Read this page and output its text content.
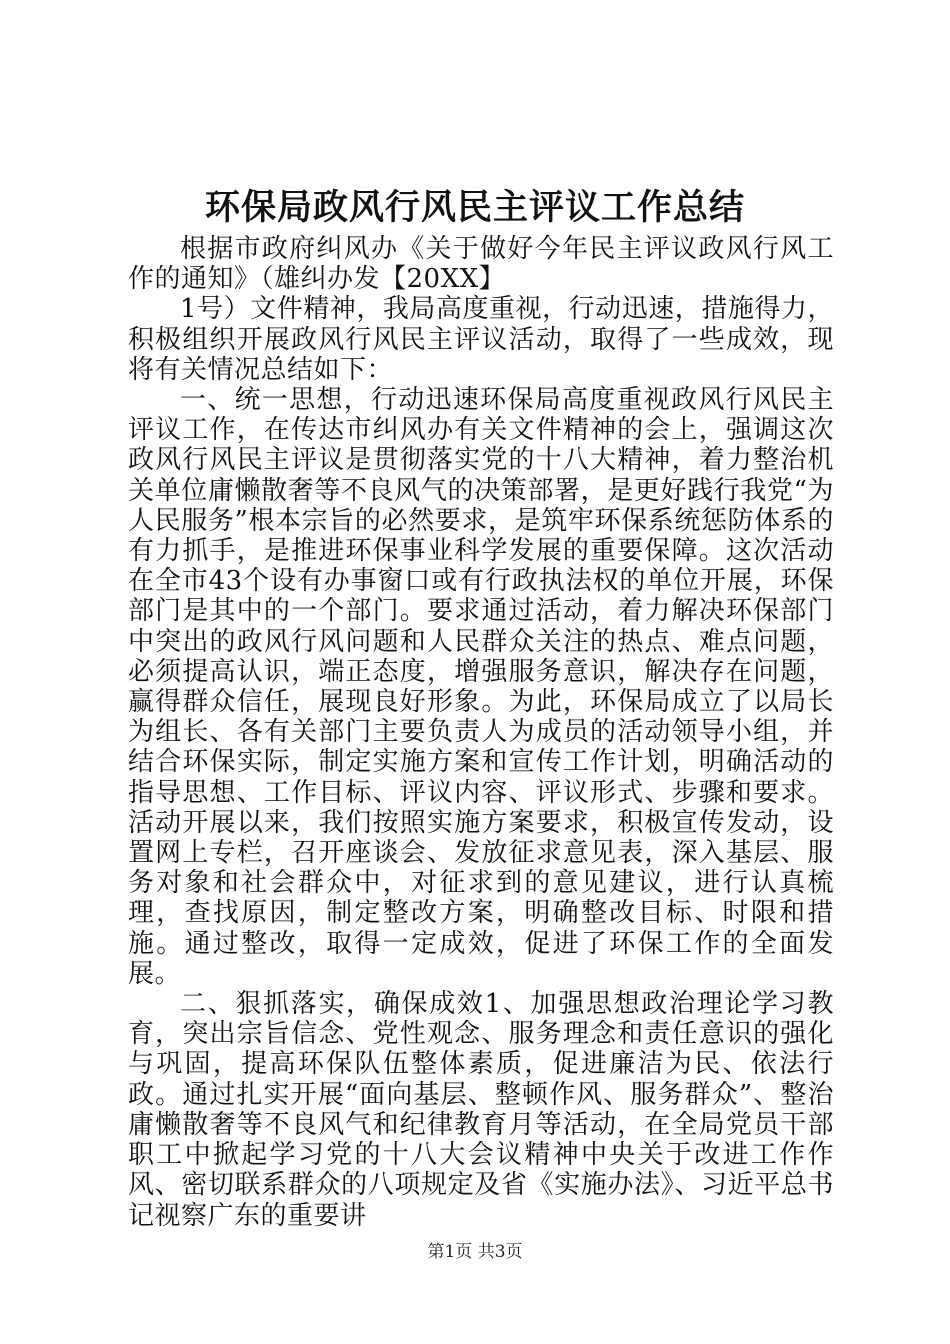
环保局政风行风民主评议工作总结

根据市政府纠风办《关于做好今年民主评议政风行风工作的通知》（雄纠办发【20XX】

1号）文件精神，我局高度重视，行动迅速，措施得力，积极组织开展政风行风民主评议活动，取得了一些成效，现将有关情况总结如下：

一、统一思想，行动迅速环保局高度重视政风行风民主评议工作，在传达市纠风办有关文件精神的会上，强调这次政风行风民主评议是贯彻落实党的十八大精神，着力整治机关单位庸懒散奢等不良风气的决策部署，是更好践行我党“为人民服务”根本宗旨的必然要求，是筑牢环保系统惩防体系的有力抓手，是推进环保事业科学发展的重要保障。这次活动在全市43个设有办事窗口或有行政执法权的单位开展，环保部门是其中的一个部门。要求通过活动，着力解决环保部门中突出的政风行风问题和人民群众关注的热点、难点问题，必须提高认识，端正态度，增强服务意识，解决存在问题，赢得群众信任，展现良好形象。为此，环保局成立了以局长为组长、各有关部门主要负责人为成员的活动领导小组，并结合环保实际，制定实施方案和宣传工作计划，明确活动的指导思想、工作目标、评议内容、评议形式、步骤和要求。活动开展以来，我们按照实施方案要求，积极宣传发动，设置网上专栏，召开座谈会、发放征求意见表，深入基层、服务对象和社会群众中，对征求到的意见建议，进行认真梳理，查找原因，制定整改方案，明确整改目标、时限和措施。通过整改，取得一定成效，促进了环保工作的全面发展。

二、狠抓落实，确保成效1、加强思想政治理论学习教育，突出宗旨信念、党性观念、服务理念和责任意识的强化与巩固，提高环保队伍整体素质，促进廉洁为民、依法行政。通过扎实开展“面向基层、整顿作风、服务群众”、整治庸懒散奢等不良风气和纪律教育月等活动，在全局党员干部职工中掀起学习党的十八大会议精神中央关于改进工作作风、密切联系群众的八项规定及省《实施办法》、习近平总书记视察广东的重要讲

第1页 共3页
